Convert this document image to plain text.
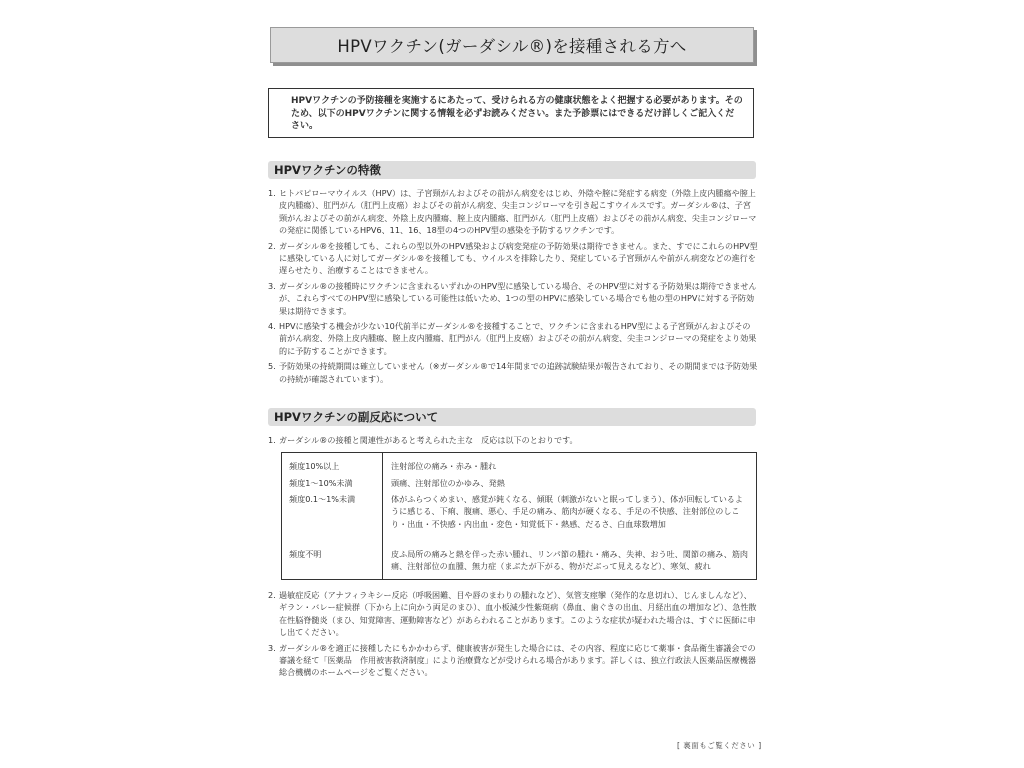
HPVワクチン(ガーダシル®)を接種される方へ

HPVワクチンの予防接種を実施するにあたって、受けられる方の健康状態をよく把握する必要があります。そのため、以下のHPVワクチンに関する情報を必ずお読みください。また予診票にはできるだけ詳しくご記入ください。

HPVワクチンの特徴
1. ヒトパピローマウイルス（HPV）は、子宮頸がんおよびその前がん病変をはじめ、外陰や膣に発症する病変（外陰上皮内腫瘍や膣上皮内腫瘍）、肛門がん（肛門上皮癌）およびその前がん病変、尖圭コンジローマを引き起こすウイルスです。ガーダシル®は、子宮頸がんおよびその前がん病変、外陰上皮内腫瘍、膣上皮内腫瘍、肛門がん（肛門上皮癌）およびその前がん病変、尖圭コンジローマの発症に関係しているHPV6、11、16、18型の4つのHPV型の感染を予防するワクチンです。
2. ガーダシル®を接種しても、これらの型以外のHPV感染および病変発症の予防効果は期待できません。また、すでにこれらのHPV型に感染している人に対してガーダシル®を接種しても、ウイルスを排除したり、発症している子宮頸がんや前がん病変などの進行を遅らせたり、治療することはできません。
3. ガーダシル®の接種時にワクチンに含まれるいずれかのHPV型に感染している場合、そのHPV型に対する予防効果は期待できませんが、これらすべてのHPV型に感染している可能性は低いため、1つの型のHPVに感染している場合でも他の型のHPVに対する予防効果は期待できます。
4. HPVに感染する機会が少ない10代前半にガーダシル®を接種することで、ワクチンに含まれるHPV型による子宮頸がんおよびその前がん病変、外陰上皮内腫瘍、膣上皮内腫瘍、肛門がん（肛門上皮癌）およびその前がん病変、尖圭コンジローマの発症をより効果的に予防することができます。
5. 予防効果の持続期間は確立していません（※ガーダシル®で14年間までの追跡試験結果が報告されており、その期間までは予防効果の持続が確認されています）。
HPVワクチンの副反応について
1. ガーダシル®の接種と関連性があると考えられた主な　反応は以下のとおりです。
頻度10%以上	注射部位の痛み・赤み・腫れ
頻度1～10%未満	頭痛、注射部位のかゆみ、発熱
頻度0.1～1%未満	体がふらつくめまい、感覚が鈍くなる、傾眠（刺激がないと眠ってしまう）、体が回転しているように感じる、下痢、腹痛、悪心、手足の痛み、筋肉が硬くなる、手足の不快感、注射部位のしこり・出血・不快感・内出血・変色・知覚低下・熱感、だるさ、白血球数増加
頻度不明	皮ふ局所の痛みと熱を伴った赤い腫れ、リンパ節の腫れ・痛み、失神、おう吐、関節の痛み、筋肉痛、注射部位の血腫、無力症（まぶたが下がる、物がだぶって見えるなど）、寒気、疲れ
2. 過敏症反応（アナフィラキシー反応（呼吸困難、目や唇のまわりの腫れなど）、気管支痙攣（発作的な息切れ）、じんましんなど）、ギラン・バレー症候群（下から上に向かう両足のまひ）、血小板減少性紫斑病（鼻血、歯ぐきの出血、月経出血の増加など）、急性散在性脳脊髄炎（まひ、知覚障害、運動障害など）があらわれることがあります。このような症状が疑われた場合は、すぐに医師に申し出てください。
3. ガーダシル®を適正に接種したにもかかわらず、健康被害が発生した場合には、その内容、程度に応じて薬事・食品衛生審議会での審議を経て「医薬品　作用被害救済制度」により治療費などが受けられる場合があります。詳しくは、独立行政法人医薬品医療機器総合機構のホームページをご覧ください。
[ 裏面もご覧ください ]
